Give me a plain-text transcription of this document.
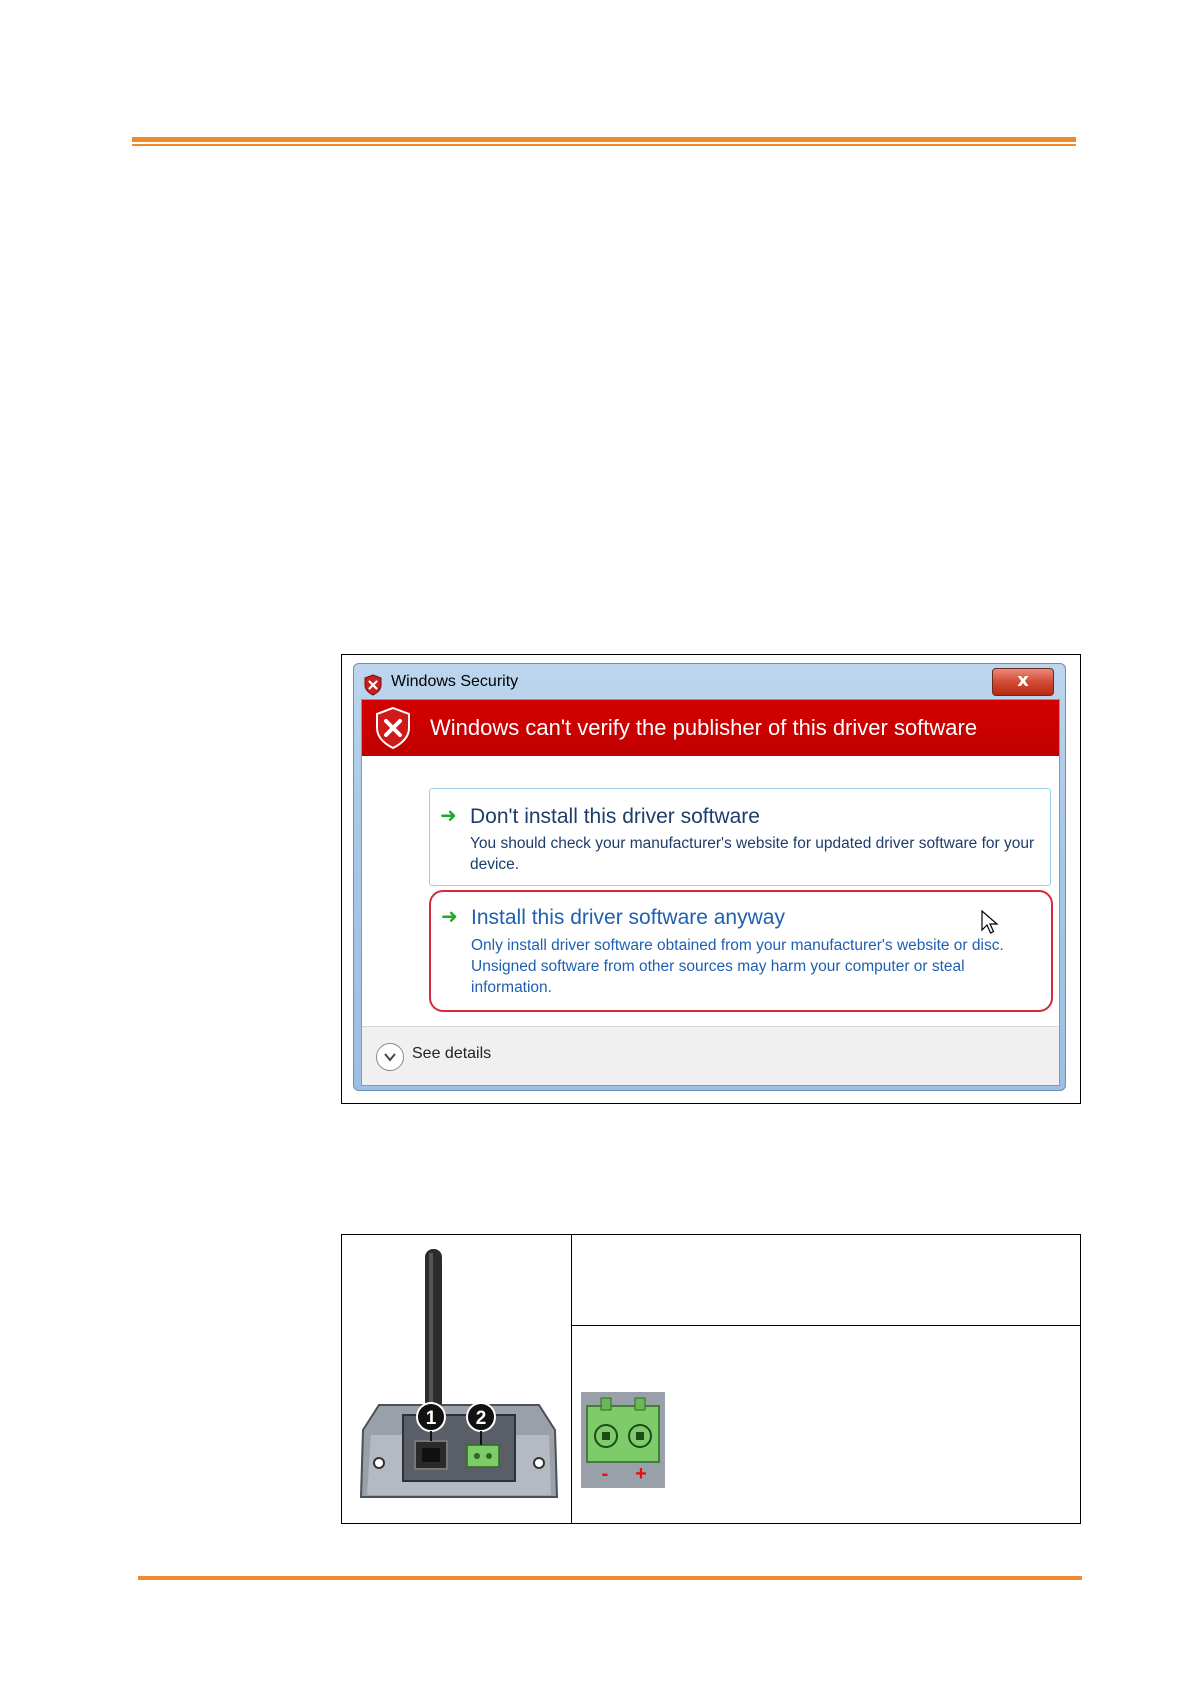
Windows Security	x
Windows can't verify the publisher of this driver software
➜ Don't install this driver software
You should check your manufacturer's website for updated driver software for your device.
➜ Install this driver software anyway
Only install driver software obtained from your manufacturer's website or disc. Unsigned software from other sources may harm your computer or steal information.
See details
1 2
- +
